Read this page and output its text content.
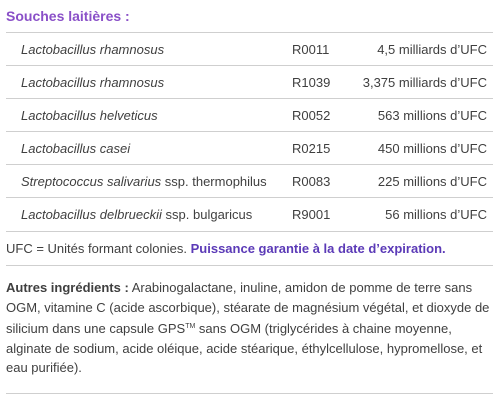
Souches laitières :
Lactobacillus rhamnosus	R0011	4,5 milliards d’UFC
Lactobacillus rhamnosus	R1039	3,375 milliards d’UFC
Lactobacillus helveticus	R0052	563 millions d’UFC
Lactobacillus casei	R0215	450 millions d’UFC
Streptococcus salivarius ssp. thermophilus	R0083	225 millions d’UFC
Lactobacillus delbrueckii ssp. bulgaricus	R9001	56 millions d’UFC
UFC = Unités formant colonies. Puissance garantie à la date d’expiration.
Autres ingrédients : Arabinogalactane, inuline, amidon de pomme de terre sans OGM, vitamine C (acide ascorbique), stéarate de magnésium végétal, et dioxyde de silicium dans une capsule GPS™ sans OGM (triglycérides à chaine moyenne, alginate de sodium, acide oléique, acide stéarique, éthylcellulose, hypromellose, et eau purifiée).
